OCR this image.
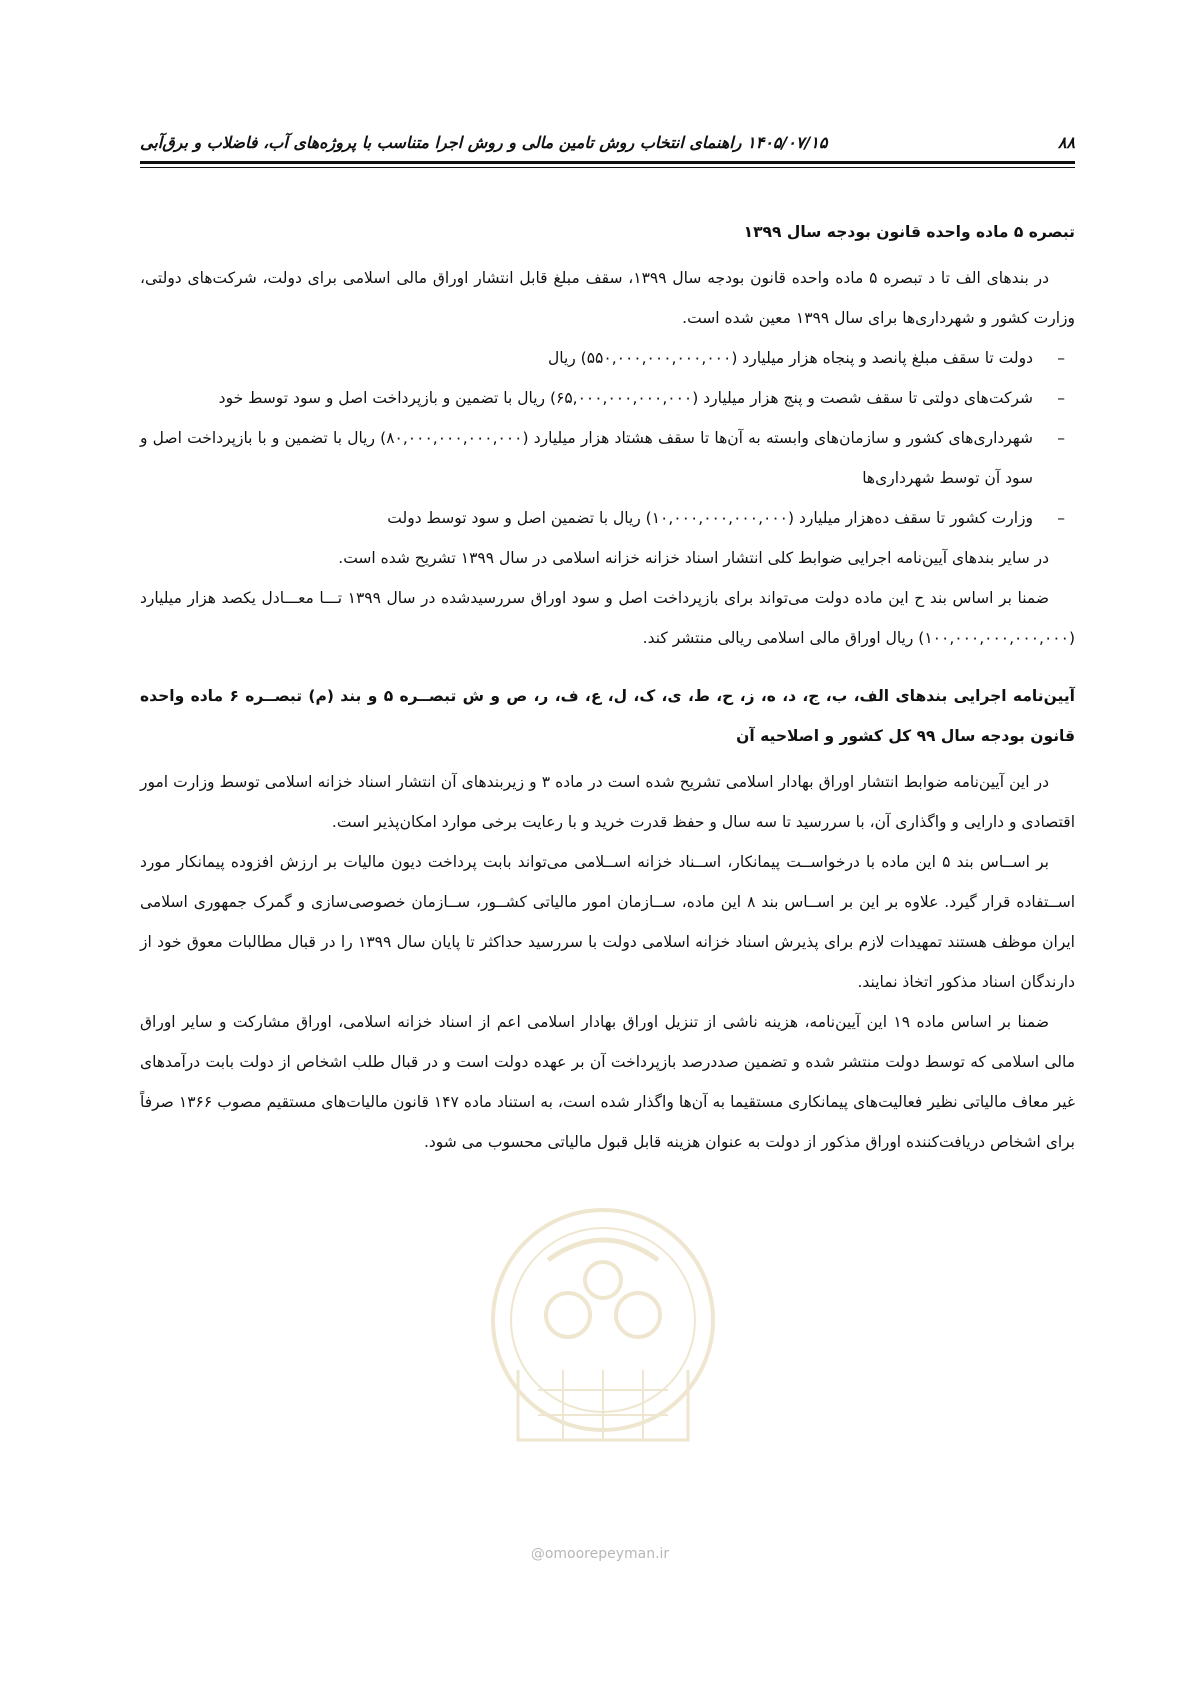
۸۸
۱۴۰۵/۰۷/۱۵ راهنمای انتخاب روش تامین مالی و روش اجرا متناسب با پروژه‌های آب، فاضلاب و برق‌آبی
تبصره ۵ ماده واحده قانون بودجه سال ۱۳۹۹

در بندهای الف تا د تبصره ۵ ماده واحده قانون بودجه سال ۱۳۹۹، سقف مبلغ قابل انتشار اوراق مالی اسلامی برای دولت، شرکت‌های دولتی، وزارت کشور و شهرداری‌ها برای سال ۱۳۹۹ معین شده است.

–
دولت تا سقف مبلغ پانصد و پنجاه هزار میلیارد (۵۵۰,۰۰۰,۰۰۰,۰۰۰,۰۰۰) ریال
–
شرکت‌های دولتی تا سقف شصت و پنج هزار میلیارد (۶۵,۰۰۰,۰۰۰,۰۰۰,۰۰۰) ریال با تضمین و بازپرداخت اصل و سود توسط خود
–
شهرداری‌های کشور و سازمان‌های وابسته به آن‌ها تا سقف هشتاد هزار میلیارد (۸۰,۰۰۰,۰۰۰,۰۰۰,۰۰۰) ریال با تضمین و با بازپرداخت اصل و سود آن توسط شهرداری‌ها
–
وزارت کشور تا سقف ده‌هزار میلیارد (۱۰,۰۰۰,۰۰۰,۰۰۰,۰۰۰) ریال با تضمین اصل و سود توسط دولت

در سایر بندهای آیین‌نامه اجرایی ضوابط کلی انتشار اسناد خزانه خزانه اسلامی در سال ۱۳۹۹ تشریح شده است.

ضمنا بر اساس بند ح این ماده دولت می‌تواند برای بازپرداخت اصل و سود اوراق سررسیدشده در سال ۱۳۹۹ تـــا معـــادل یکصد هزار میلیارد (۱۰۰,۰۰۰,۰۰۰,۰۰۰,۰۰۰) ریال اوراق مالی اسلامی ریالی منتشر کند.

آیین‌نامه اجرایی بندهای الف، ب، ج، د، ه، ز، ح، ط، ی، ک، ل، ع، ف، ر، ص و ش تبصــره ۵ و بند (م) تبصــره ۶ ماده واحده قانون بودجه سال ۹۹ کل کشور و اصلاحیه آن

در این آیین‌نامه ضوابط انتشار اوراق بهادار اسلامی تشریح شده است در ماده ۳ و زیربندهای آن انتشار اسناد خزانه اسلامی توسط وزارت امور اقتصادی و دارایی و واگذاری آن، با سررسید تا سه سال و حفظ قدرت خرید و با رعایت برخی موارد امکان‌پذیر است.

بر اســاس بند ۵ این ماده با درخواســت پیمانکار، اســناد خزانه اســلامی می‌تواند بابت پرداخت دیون مالیات بر ارزش افزوده پیمانکار مورد اســتفاده قرار گیرد. علاوه بر این بر اســاس بند ۸ این ماده، ســازمان امور مالیاتی کشــور، ســازمان خصوصی‌سازی و گمرک جمهوری اسلامی ایران موظف هستند تمهیدات لازم برای پذیرش اسناد خزانه اسلامی دولت با سررسید حداکثر تا پایان سال ۱۳۹۹ را در قبال مطالبات معوق خود از دارندگان اسناد مذکور اتخاذ نمایند.

ضمنا بر اساس ماده ۱۹ این آیین‌نامه، هزینه ناشی از تنزیل اوراق بهادار اسلامی اعم از اسناد خزانه اسلامی، اوراق مشارکت و سایر اوراق مالی اسلامی که توسط دولت منتشر شده و تضمین صددرصد بازپرداخت آن بر عهده دولت است و در قبال طلب اشخاص از دولت بابت درآمدهای غیر معاف مالیاتی نظیر فعالیت‌های پیمانکاری مستقیما به آن‌ها واگذار شده است، به استناد ماده ۱۴۷ قانون مالیات‌های مستقیم مصوب ۱۳۶۶ صرفاً برای اشخاص دریافت‌کننده اوراق مذکور از دولت به عنوان هزینه قابل قبول مالیاتی محسوب می شود.

@omoorepeyman.ir
